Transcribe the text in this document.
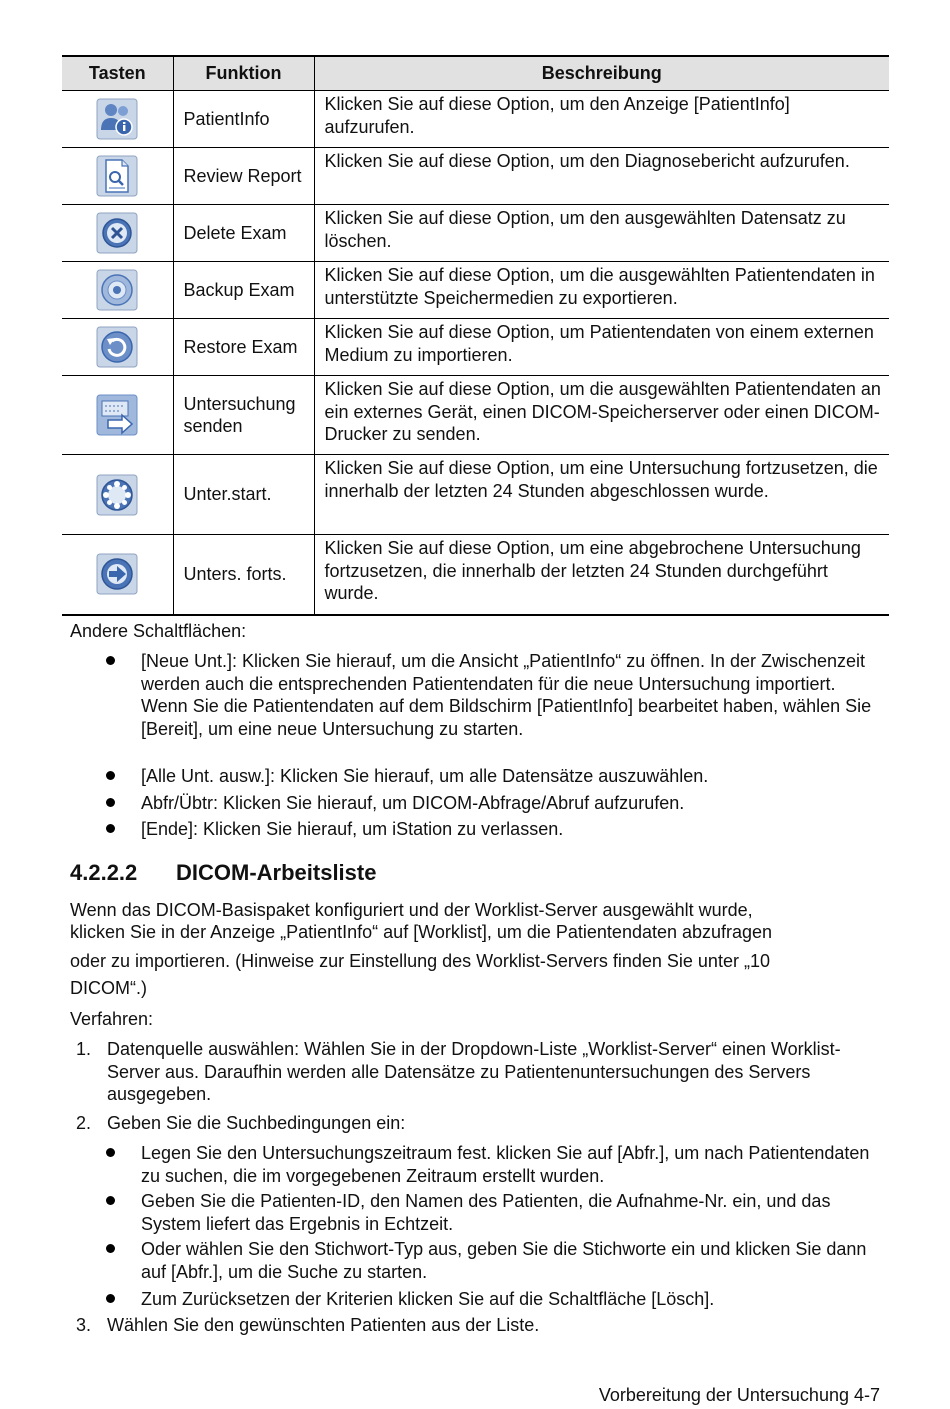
Tasten	Funktion	Beschreibung

	PatientInfo	Klicken Sie auf diese Option, um den Anzeige [PatientInfo] aufzurufen.

	Review Report	Klicken Sie auf diese Option, um den Diagnosebericht aufzurufen.

	Delete Exam	Klicken Sie auf diese Option, um den ausgewählten Datensatz zu löschen.

	Backup Exam	Klicken Sie auf diese Option, um die ausgewählten Patientendaten in unterstützte Speichermedien zu exportieren.

	Restore Exam	Klicken Sie auf diese Option, um Patientendaten von einem externen Medium zu importieren.

	Untersuchung senden	Klicken Sie auf diese Option, um die ausgewählten Patientendaten an ein externes Gerät, einen DICOM-Speicherserver oder einen DICOM-Drucker zu senden.

	Unter.start.	Klicken Sie auf diese Option, um eine Untersuchung fortzusetzen, die innerhalb der letzten 24 Stunden abgeschlossen wurde.

	Unters. forts.	Klicken Sie auf diese Option, um eine abgebrochene Untersuchung fortzusetzen, die innerhalb der letzten 24 Stunden durchgeführt wurde.
Andere Schaltflächen:
[Neue Unt.]: Klicken Sie hierauf, um die Ansicht „PatientInfo“ zu öffnen. In der Zwischenzeit werden auch die entsprechenden Patientendaten für die neue Untersuchung importiert. Wenn Sie die Patientendaten auf dem Bildschirm [PatientInfo] bearbeitet haben, wählen Sie [Bereit], um eine neue Untersuchung zu starten.
[Alle Unt. ausw.]: Klicken Sie hierauf, um alle Datensätze auszuwählen.
Abfr/Übtr: Klicken Sie hierauf, um DICOM-Abfrage/Abruf aufzurufen.
[Ende]: Klicken Sie hierauf, um iStation zu verlassen.
4.2.2.2 DICOM-Arbeitsliste
Wenn das DICOM-Basispaket konfiguriert und der Worklist-Server ausgewählt wurde,
klicken Sie in der Anzeige „PatientInfo“ auf [Worklist], um die Patientendaten abzufragen
oder zu importieren. (Hinweise zur Einstellung des Worklist-Servers finden Sie unter „10
DICOM“.)
Verfahren:
1. Datenquelle auswählen: Wählen Sie in der Dropdown-Liste „Worklist-Server“ einen Worklist-Server aus. Daraufhin werden alle Datensätze zu Patientenuntersuchungen des Servers ausgegeben.
2. Geben Sie die Suchbedingungen ein:
Legen Sie den Untersuchungszeitraum fest. klicken Sie auf [Abfr.], um nach Patientendaten zu suchen, die im vorgegebenen Zeitraum erstellt wurden.
Geben Sie die Patienten-ID, den Namen des Patienten, die Aufnahme-Nr. ein, und das System liefert das Ergebnis in Echtzeit.
Oder wählen Sie den Stichwort-Typ aus, geben Sie die Stichworte ein und klicken Sie dann auf [Abfr.], um die Suche zu starten.
Zum Zurücksetzen der Kriterien klicken Sie auf die Schaltfläche [Lösch].
3. Wählen Sie den gewünschten Patienten aus der Liste.
Vorbereitung der Untersuchung 4-7
